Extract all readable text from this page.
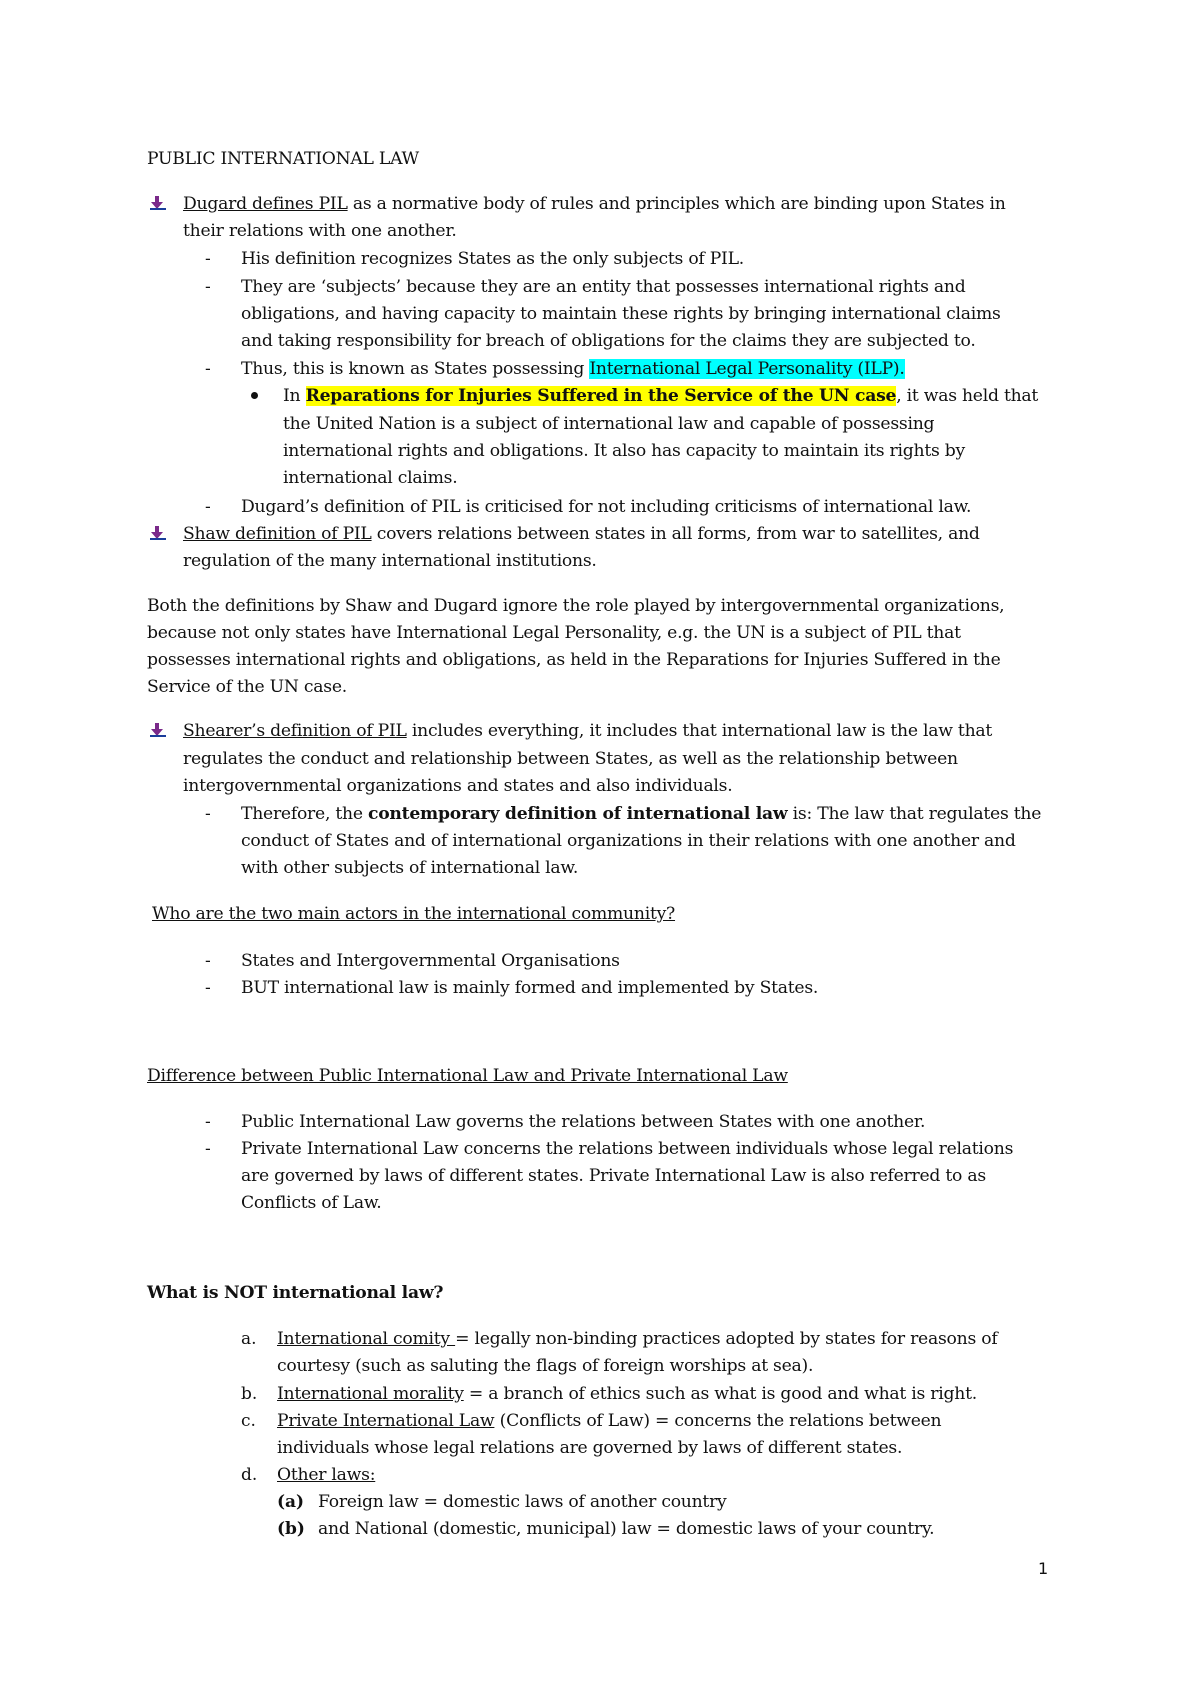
PUBLIC INTERNATIONAL LAW
Dugard defines PIL as a normative body of rules and principles which are binding upon States in
their relations with one another.
- His definition recognizes States as the only subjects of PIL.
- They are ‘subjects’ because they are an entity that possesses international rights and
obligations, and having capacity to maintain these rights by bringing international claims
and taking responsibility for breach of obligations for the claims they are subjected to.
- Thus, this is known as States possessing International Legal Personality (ILP).
In Reparations for Injuries Suffered in the Service of the UN case, it was held that
the United Nation is a subject of international law and capable of possessing
international rights and obligations. It also has capacity to maintain its rights by
international claims.
- Dugard’s definition of PIL is criticised for not including criticisms of international law.
Shaw definition of PIL covers relations between states in all forms, from war to satellites, and
regulation of the many international institutions.
Both the definitions by Shaw and Dugard ignore the role played by intergovernmental organizations,
because not only states have International Legal Personality, e.g. the UN is a subject of PIL that
possesses international rights and obligations, as held in the Reparations for Injuries Suffered in the
Service of the UN case.
Shearer’s definition of PIL includes everything, it includes that international law is the law that
regulates the conduct and relationship between States, as well as the relationship between
intergovernmental organizations and states and also individuals.
- Therefore, the contemporary definition of international law is: The law that regulates the
conduct of States and of international organizations in their relations with one another and
with other subjects of international law.
Who are the two main actors in the international community?
- States and Intergovernmental Organisations
- BUT international law is mainly formed and implemented by States.
Difference between Public International Law and Private International Law
- Public International Law governs the relations between States with one another.
- Private International Law concerns the relations between individuals whose legal relations
are governed by laws of different states. Private International Law is also referred to as
Conflicts of Law.
What is NOT international law?
a. International comity = legally non-binding practices adopted by states for reasons of
courtesy (such as saluting the flags of foreign worships at sea).
b. International morality = a branch of ethics such as what is good and what is right.
c. Private International Law (Conflicts of Law) = concerns the relations between
individuals whose legal relations are governed by laws of different states.
d. Other laws:
(a) Foreign law = domestic laws of another country
(b) and National (domestic, municipal) law = domestic laws of your country.
1
